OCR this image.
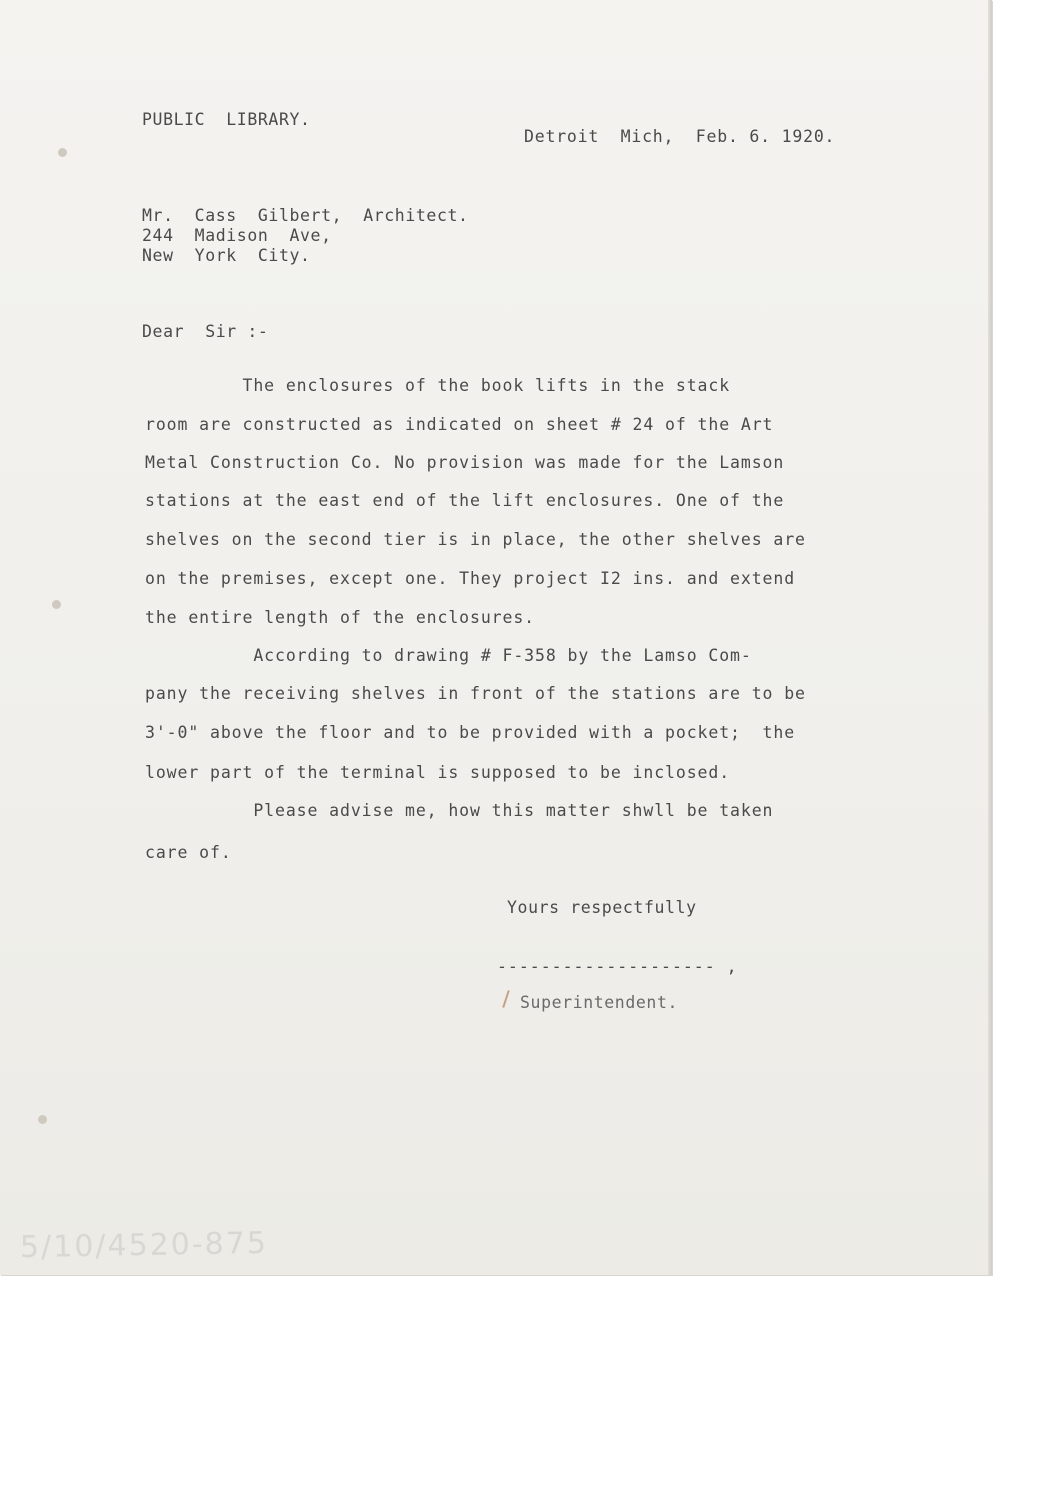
PUBLIC  LIBRARY.

Detroit  Mich,  Feb. 6. 1920.

Mr.  Cass  Gilbert,  Architect.

244  Madison  Ave,

New  York  City.

Dear  Sir :-

The enclosures of the book lifts in the stack

room are constructed as indicated on sheet # 24 of the Art

Metal Construction Co. No provision was made for the Lamson

stations at the east end of the lift enclosures. One of the

shelves on the second tier is in place, the other shelves are

on the premises, except one. They project I2 ins. and extend

the entire length of the enclosures.

According to drawing # F-358 by the Lamso Com-

pany the receiving shelves in front of the stations are to be

3'-0" above the floor and to be provided with a pocket;  the

lower part of the terminal is supposed to be inclosed.

Please advise me, how this matter shwll be taken

care of.

Yours respectfully

-------------------- ,

Superintendent.

5/10/4520-875
